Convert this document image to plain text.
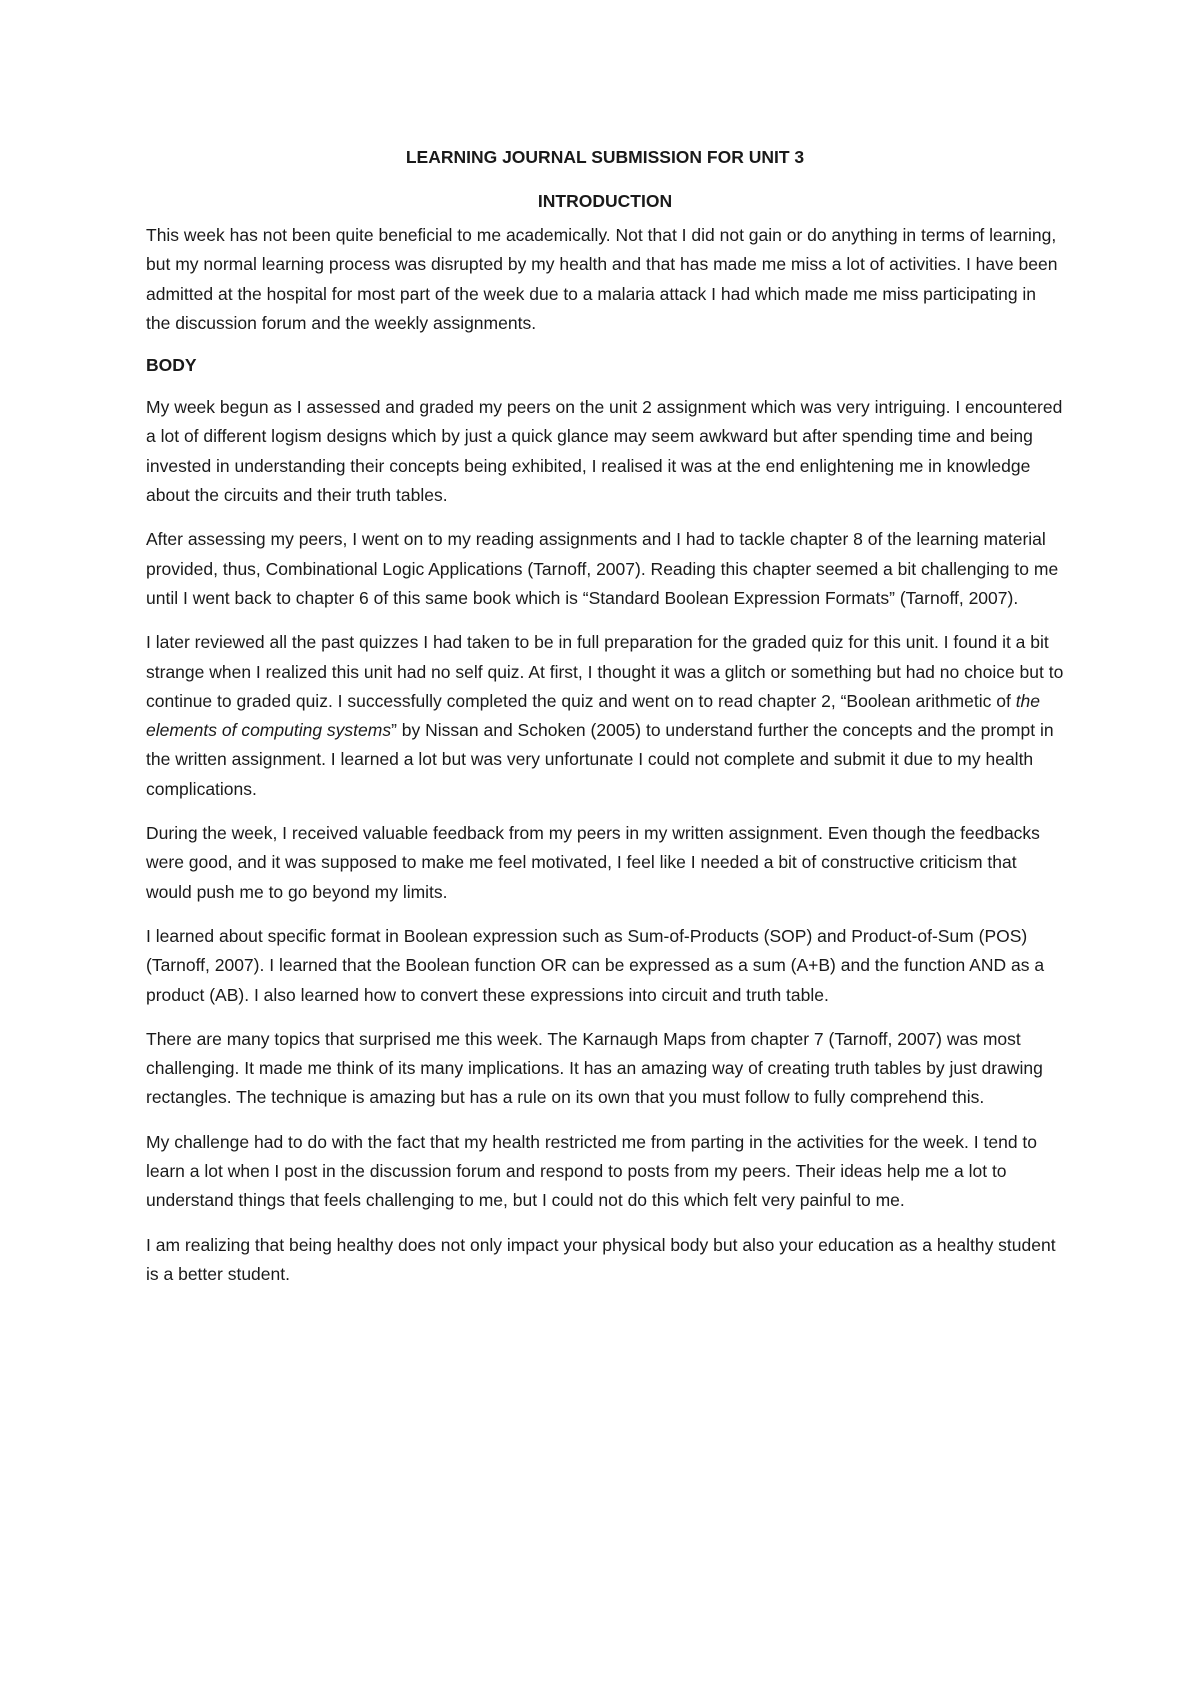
LEARNING JOURNAL SUBMISSION FOR UNIT 3

INTRODUCTION

This week has not been quite beneficial to me academically. Not that I did not gain or do anything in terms of learning, but my normal learning process was disrupted by my health and that has made me miss a lot of activities. I have been admitted at the hospital for most part of the week due to a malaria attack I had which made me miss participating in the discussion forum and the weekly assignments.

BODY

My week begun as I assessed and graded my peers on the unit 2 assignment which was very intriguing. I encountered a lot of different logism designs which by just a quick glance may seem awkward but after spending time and being invested in understanding their concepts being exhibited, I realised it was at the end enlightening me in knowledge about the circuits and their truth tables.

After assessing my peers, I went on to my reading assignments and I had to tackle chapter 8 of the learning material provided, thus, Combinational Logic Applications (Tarnoff, 2007). Reading this chapter seemed a bit challenging to me until I went back to chapter 6 of this same book which is “Standard Boolean Expression Formats” (Tarnoff, 2007).

I later reviewed all the past quizzes I had taken to be in full preparation for the graded quiz for this unit. I found it a bit strange when I realized this unit had no self quiz. At first, I thought it was a glitch or something but had no choice but to continue to graded quiz. I successfully completed the quiz and went on to read chapter 2, “Boolean arithmetic of the elements of computing systems” by Nissan and Schoken (2005) to understand further the concepts and the prompt in the written assignment. I learned a lot but was very unfortunate I could not complete and submit it due to my health complications.

During the week, I received valuable feedback from my peers in my written assignment. Even though the feedbacks were good, and it was supposed to make me feel motivated, I feel like I needed a bit of constructive criticism that would push me to go beyond my limits.

I learned about specific format in Boolean expression such as Sum-of-Products (SOP) and Product-of-Sum (POS) (Tarnoff, 2007). I learned that the Boolean function OR can be expressed as a sum (A+B) and the function AND as a product (AB). I also learned how to convert these expressions into circuit and truth table.

There are many topics that surprised me this week. The Karnaugh Maps from chapter 7 (Tarnoff, 2007) was most challenging. It made me think of its many implications. It has an amazing way of creating truth tables by just drawing rectangles. The technique is amazing but has a rule on its own that you must follow to fully comprehend this.

My challenge had to do with the fact that my health restricted me from parting in the activities for the week. I tend to learn a lot when I post in the discussion forum and respond to posts from my peers. Their ideas help me a lot to understand things that feels challenging to me, but I could not do this which felt very painful to me.

I am realizing that being healthy does not only impact your physical body but also your education as a healthy student is a better student.
